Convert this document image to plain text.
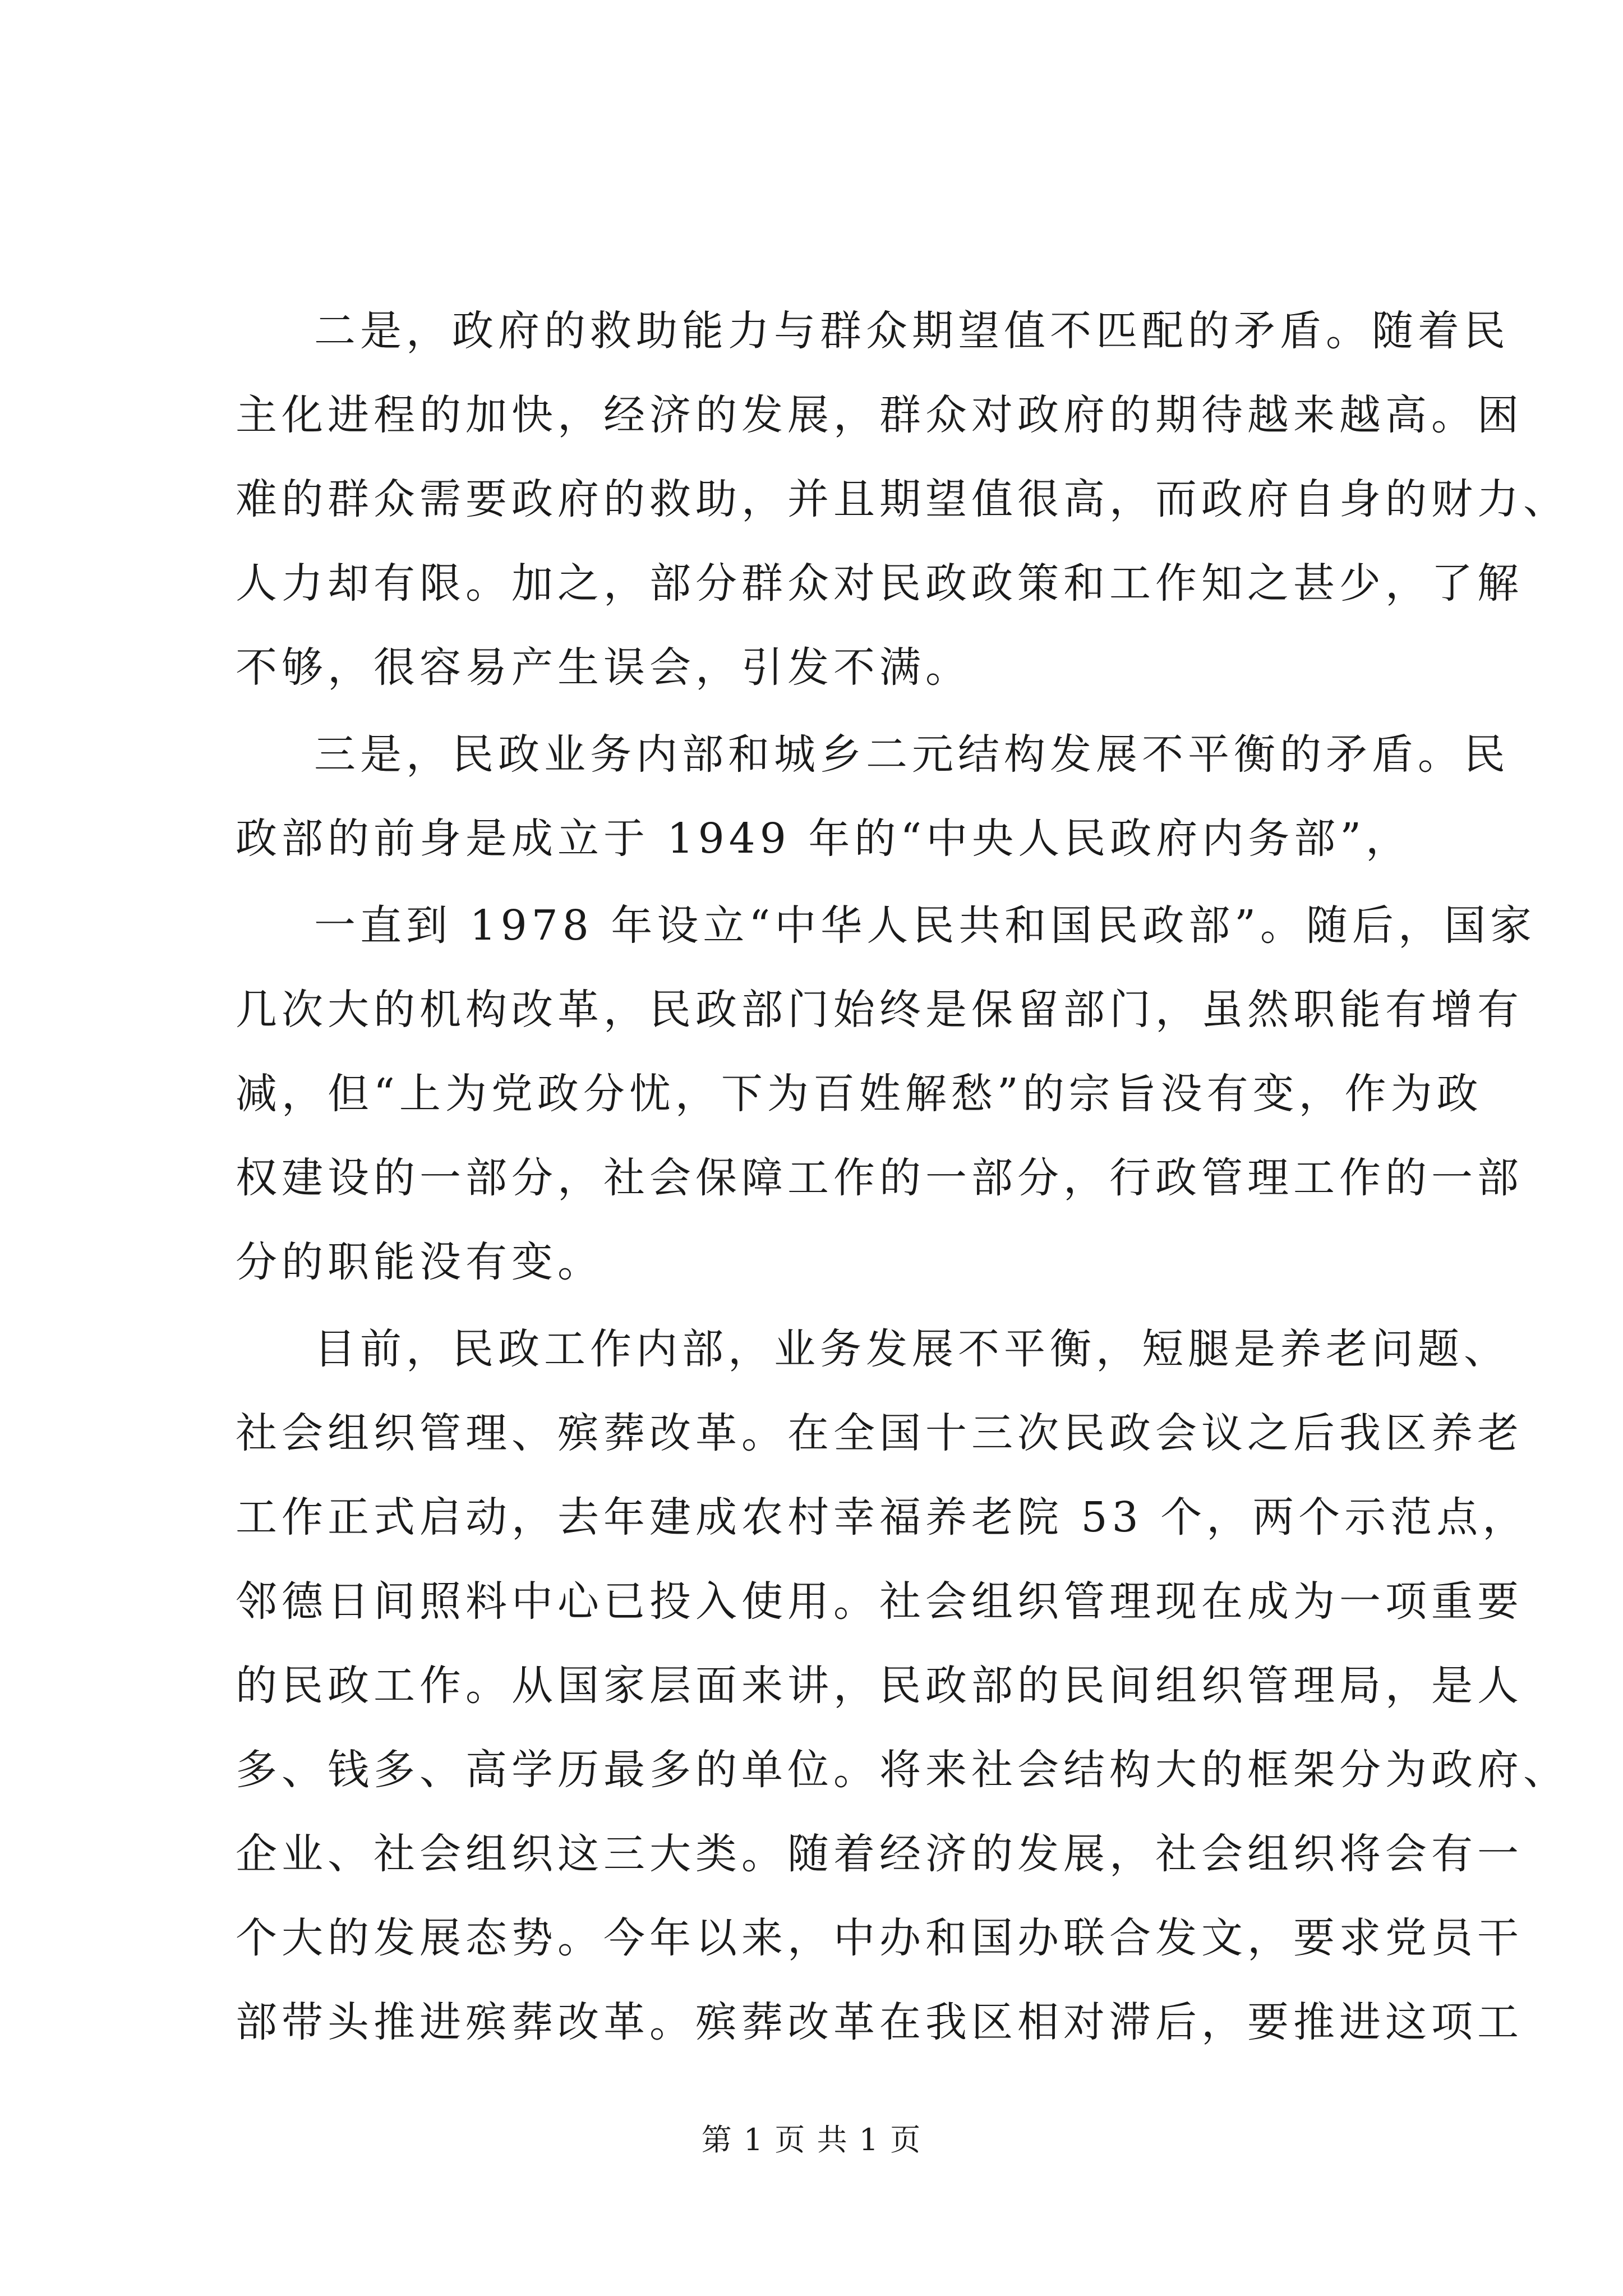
二是，政府的救助能力与群众期望值不匹配的矛盾。随着民
主化进程的加快，经济的发展，群众对政府的期待越来越高。困
难的群众需要政府的救助，并且期望值很高，而政府自身的财力、
人力却有限。加之，部分群众对民政政策和工作知之甚少，了解
不够，很容易产生误会，引发不满。
三是，民政业务内部和城乡二元结构发展不平衡的矛盾。民
政部的前身是成立于 1949 年的“中央人民政府内务部”，
一直到 1978 年设立“中华人民共和国民政部”。随后，国家
几次大的机构改革，民政部门始终是保留部门，虽然职能有增有
减，但“上为党政分忧，下为百姓解愁”的宗旨没有变，作为政
权建设的一部分，社会保障工作的一部分，行政管理工作的一部
分的职能没有变。
目前，民政工作内部，业务发展不平衡，短腿是养老问题、
社会组织管理、殡葬改革。在全国十三次民政会议之后我区养老
工作正式启动，去年建成农村幸福养老院 53 个，两个示范点，
邻德日间照料中心已投入使用。社会组织管理现在成为一项重要
的民政工作。从国家层面来讲，民政部的民间组织管理局，是人
多、钱多、高学历最多的单位。将来社会结构大的框架分为政府、
企业、社会组织这三大类。随着经济的发展，社会组织将会有一
个大的发展态势。今年以来，中办和国办联合发文，要求党员干
部带头推进殡葬改革。殡葬改革在我区相对滞后，要推进这项工
第 1 页 共 1 页
